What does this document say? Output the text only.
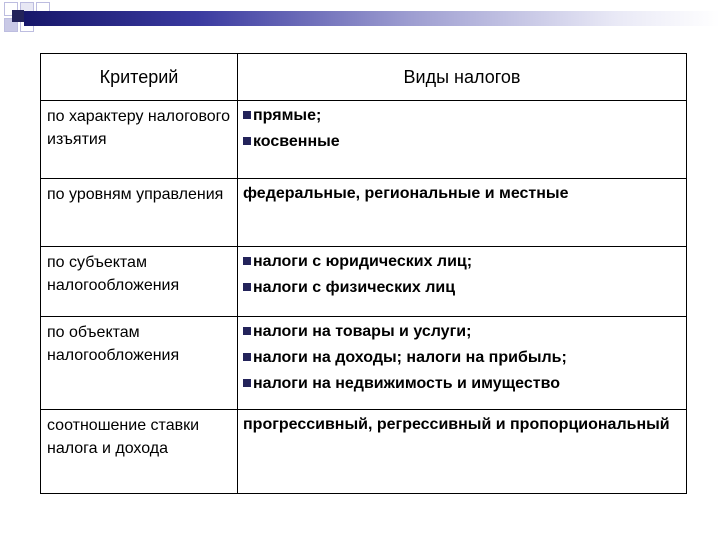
Критерий	Виды налогов
по характеру налогового изъятия	прямые;
косвенные

по уровням управления	федеральные, региональные и местные

по субъектам налогообложения	налоги с юридических лиц;
налоги с физических лиц

по объектам налогообложения	налоги на товары и услуги;
налоги на доходы; налоги на прибыль;
налоги на недвижимость и имущество

соотношение ставки налога и дохода	прогрессивный, регрессивный и пропорциональный
